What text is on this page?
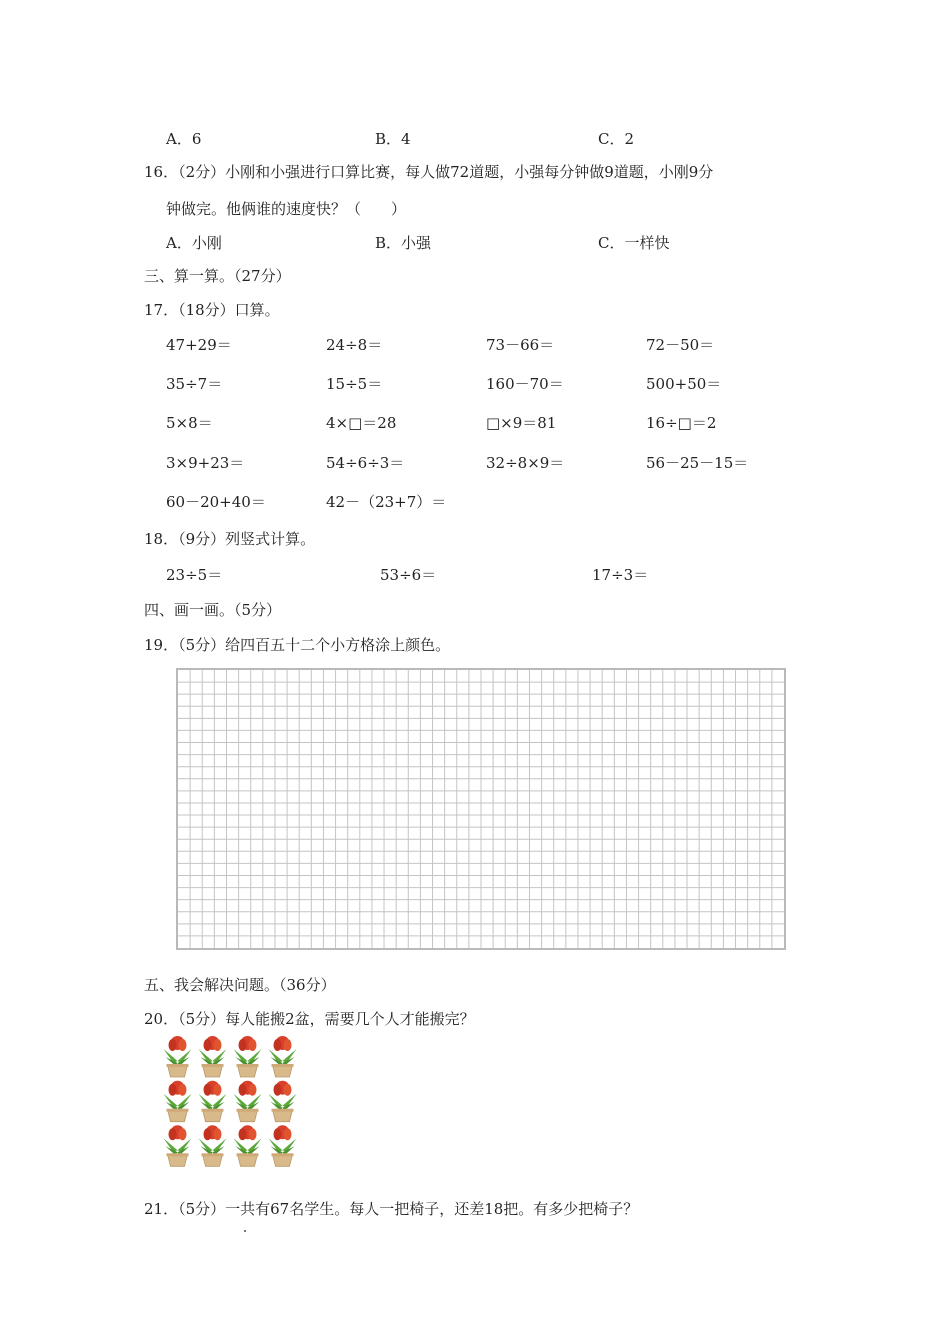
A．6	B．4	C．2
16．（2分）小刚和小强进行口算比赛，每人做72道题，小强每分钟做9道题，小刚9分
钟做完。他俩谁的速度快？（　　）
A．小刚	B．小强	C．一样快
三、算一算。（27分）
17．（18分）口算。
47+29＝	24÷8＝	73－66＝	72－50＝
35÷7＝	15÷5＝	160－70＝	500+50＝
5×8＝	4×□＝28	□×9＝81	16÷□＝2
3×9+23＝	54÷6÷3＝	32÷8×9＝	56－25－15＝
60－20+40＝	42－（23+7）＝
18．（9分）列竖式计算。
23÷5＝	53÷6＝	17÷3＝
四、画一画。（5分）
19．（5分）给四百五十二个小方格涂上颜色。
五、我会解决问题。（36分）
20．（5分）每人能搬2盆，需要几个人才能搬完？
21．（5分）一共有67名学生。每人一把椅子，还差18把。有多少把椅子？
